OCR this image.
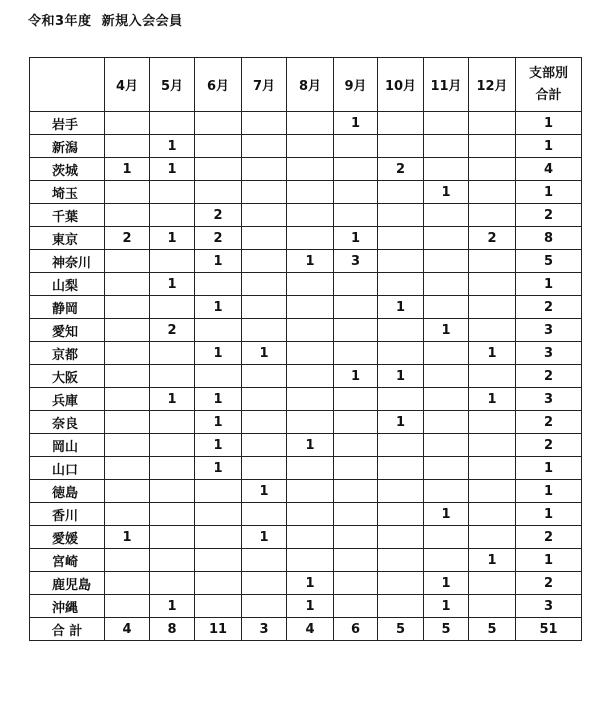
令和3年度  新規入会会員
	4月	5月	6月	7月	8月	9月	10月	11月	12月	支部別
合計
岩手						1				1
新潟		1								1
茨城	1	1					2			4
埼玉								1		1
千葉			2							2
東京	2	1	2			1			2	8
神奈川			1		1	3				5
山梨		1								1
静岡			1				1			2
愛知		2						1		3
京都			1	1					1	3
大阪						1	1			2
兵庫		1	1						1	3
奈良			1				1			2
岡山			1		1					2
山口			1							1
徳島				1						1
香川								1		1
愛媛	1			1						2
宮崎									1	1
鹿児島					1			1		2
沖縄		1			1			1		3
合 計	4	8	11	3	4	6	5	5	5	51
